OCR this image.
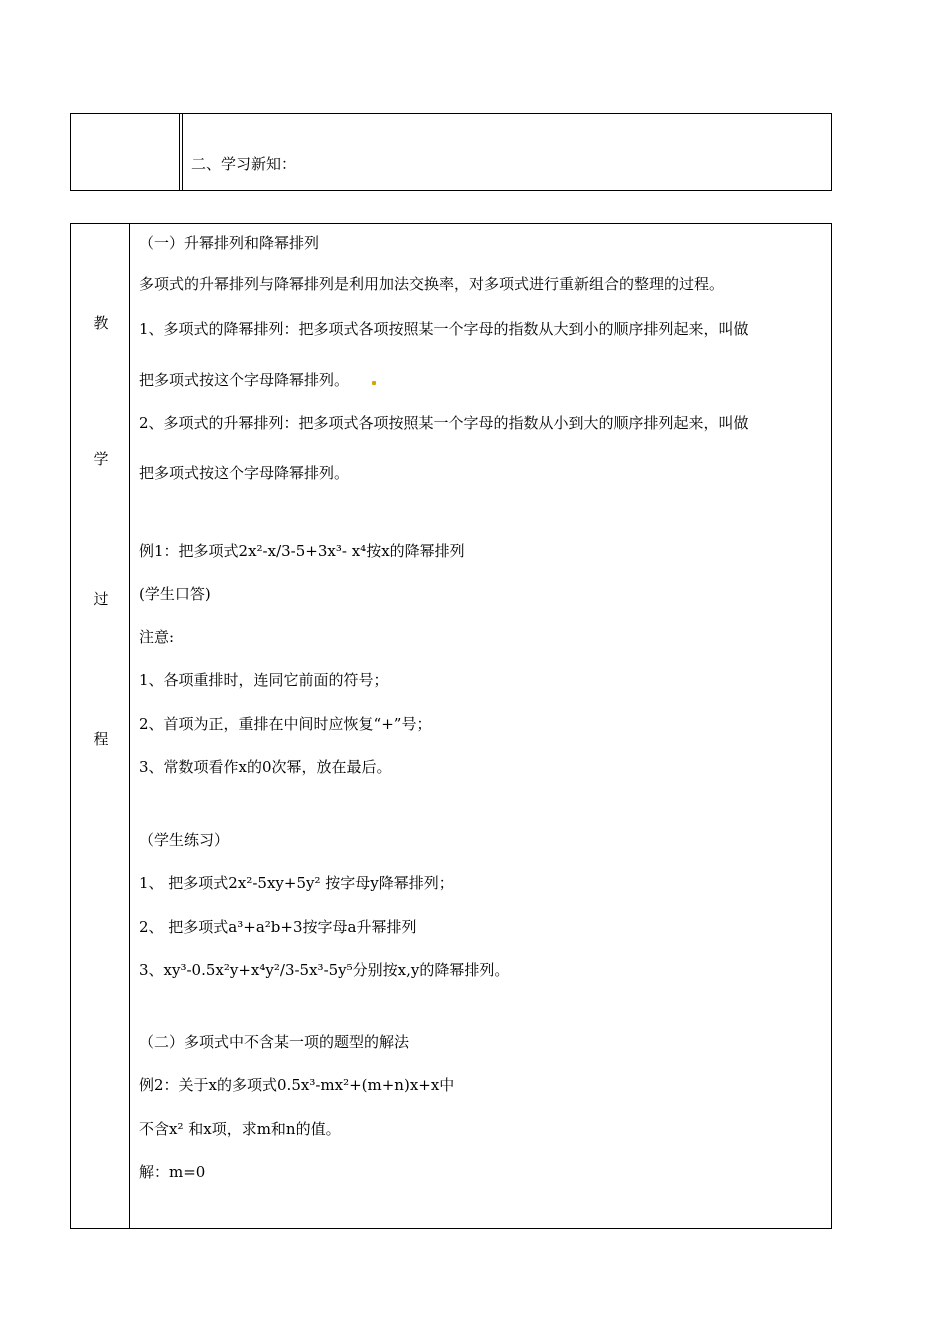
二、学习新知：
教
学
过
程
（一）升幂排列和降幂排列
多项式的升幂排列与降幂排列是利用加法交换率，对多项式进行重新组合的整理的过程。
1、多项式的降幂排列：把多项式各项按照某一个字母的指数从大到小的顺序排列起来，叫做
把多项式按这个字母降幂排列。
2、多项式的升幂排列：把多项式各项按照某一个字母的指数从小到大的顺序排列起来，叫做
把多项式按这个字母降幂排列。
例1：把多项式2x²-x/3-5+3x³- x⁴按x的降幂排列
(学生口答)
注意:
1、各项重排时，连同它前面的符号；
2、首项为正，重排在中间时应恢复“+”号；
3、常数项看作x的0次幂，放在最后。
（学生练习）
1、 把多项式2x²-5xy+5y² 按字母y降幂排列；
2、 把多项式a³+a²b+3按字母a升幂排列
3、xy³-0.5x²y+x⁴y²/3-5x³-5y⁵分别按x,y的降幂排列。
（二）多项式中不含某一项的题型的解法
例2：关于x的多项式0.5x³-mx²+(m+n)x+x中
不含x² 和x项，求m和n的值。
解：m=0
